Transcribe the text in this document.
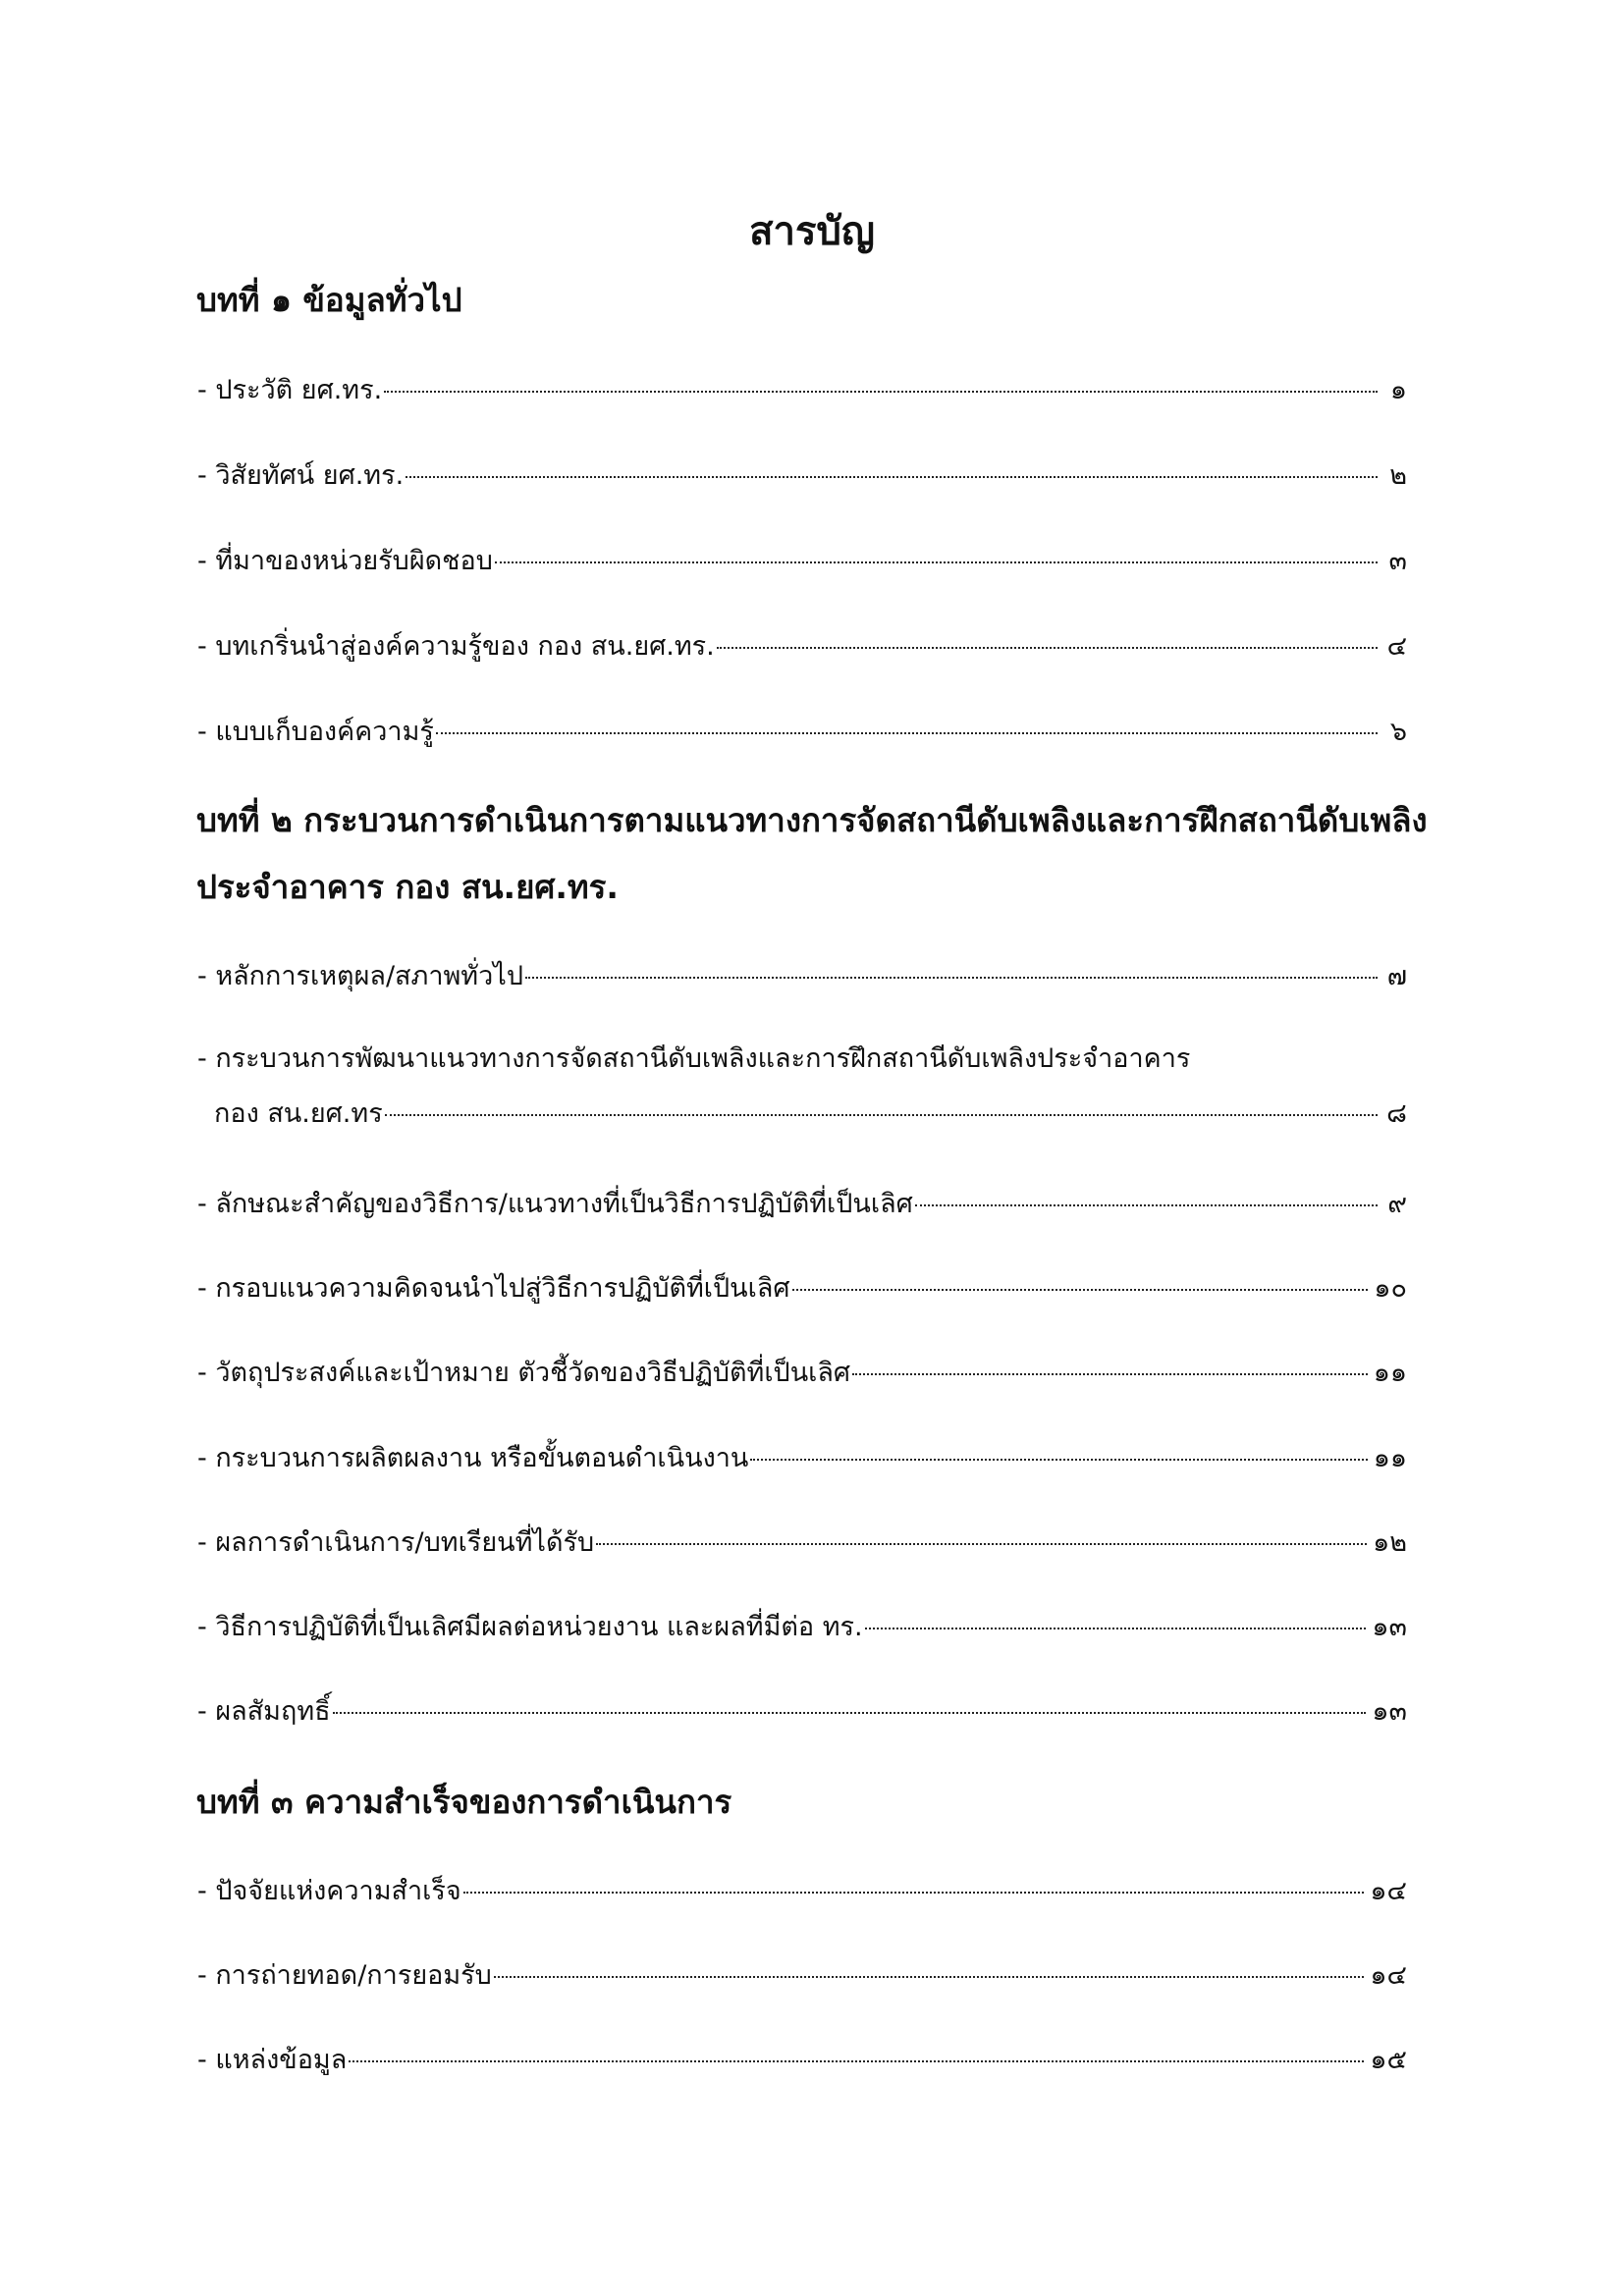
สารบัญ
บทที่ ๑ ข้อมูลทั่วไป
- ประวัติ ยศ.ทร.	๑
- วิสัยทัศน์ ยศ.ทร.	๒
- ที่มาของหน่วยรับผิดชอบ	๓
- บทเกริ่นนำสู่องค์ความรู้ของ กอง สน.ยศ.ทร.	๔
- แบบเก็บองค์ความรู้	๖
บทที่ ๒ กระบวนการดำเนินการตามแนวทางการจัดสถานีดับเพลิงและการฝึกสถานีดับเพลิง
ประจำอาคาร กอง สน.ยศ.ทร.
- หลักการเหตุผล/สภาพทั่วไป	๗
- กระบวนการพัฒนาแนวทางการจัดสถานีดับเพลิงและการฝึกสถานีดับเพลิงประจำอาคาร
กอง สน.ยศ.ทร	๘
- ลักษณะสำคัญของวิธีการ/แนวทางที่เป็นวิธีการปฏิบัติที่เป็นเลิศ	๙
- กรอบแนวความคิดจนนำไปสู่วิธีการปฏิบัติที่เป็นเลิศ	๑๐
- วัตถุประสงค์และเป้าหมาย ตัวชี้วัดของวิธีปฏิบัติที่เป็นเลิศ	๑๑
- กระบวนการผลิตผลงาน หรือขั้นตอนดำเนินงาน	๑๑
- ผลการดำเนินการ/บทเรียนที่ได้รับ	๑๒
- วิธีการปฏิบัติที่เป็นเลิศมีผลต่อหน่วยงาน และผลที่มีต่อ ทร.	๑๓
- ผลสัมฤทธิ์	๑๓
บทที่ ๓ ความสำเร็จของการดำเนินการ
- ปัจจัยแห่งความสำเร็จ	๑๔
- การถ่ายทอด/การยอมรับ	๑๔
- แหล่งข้อมูล	๑๕
